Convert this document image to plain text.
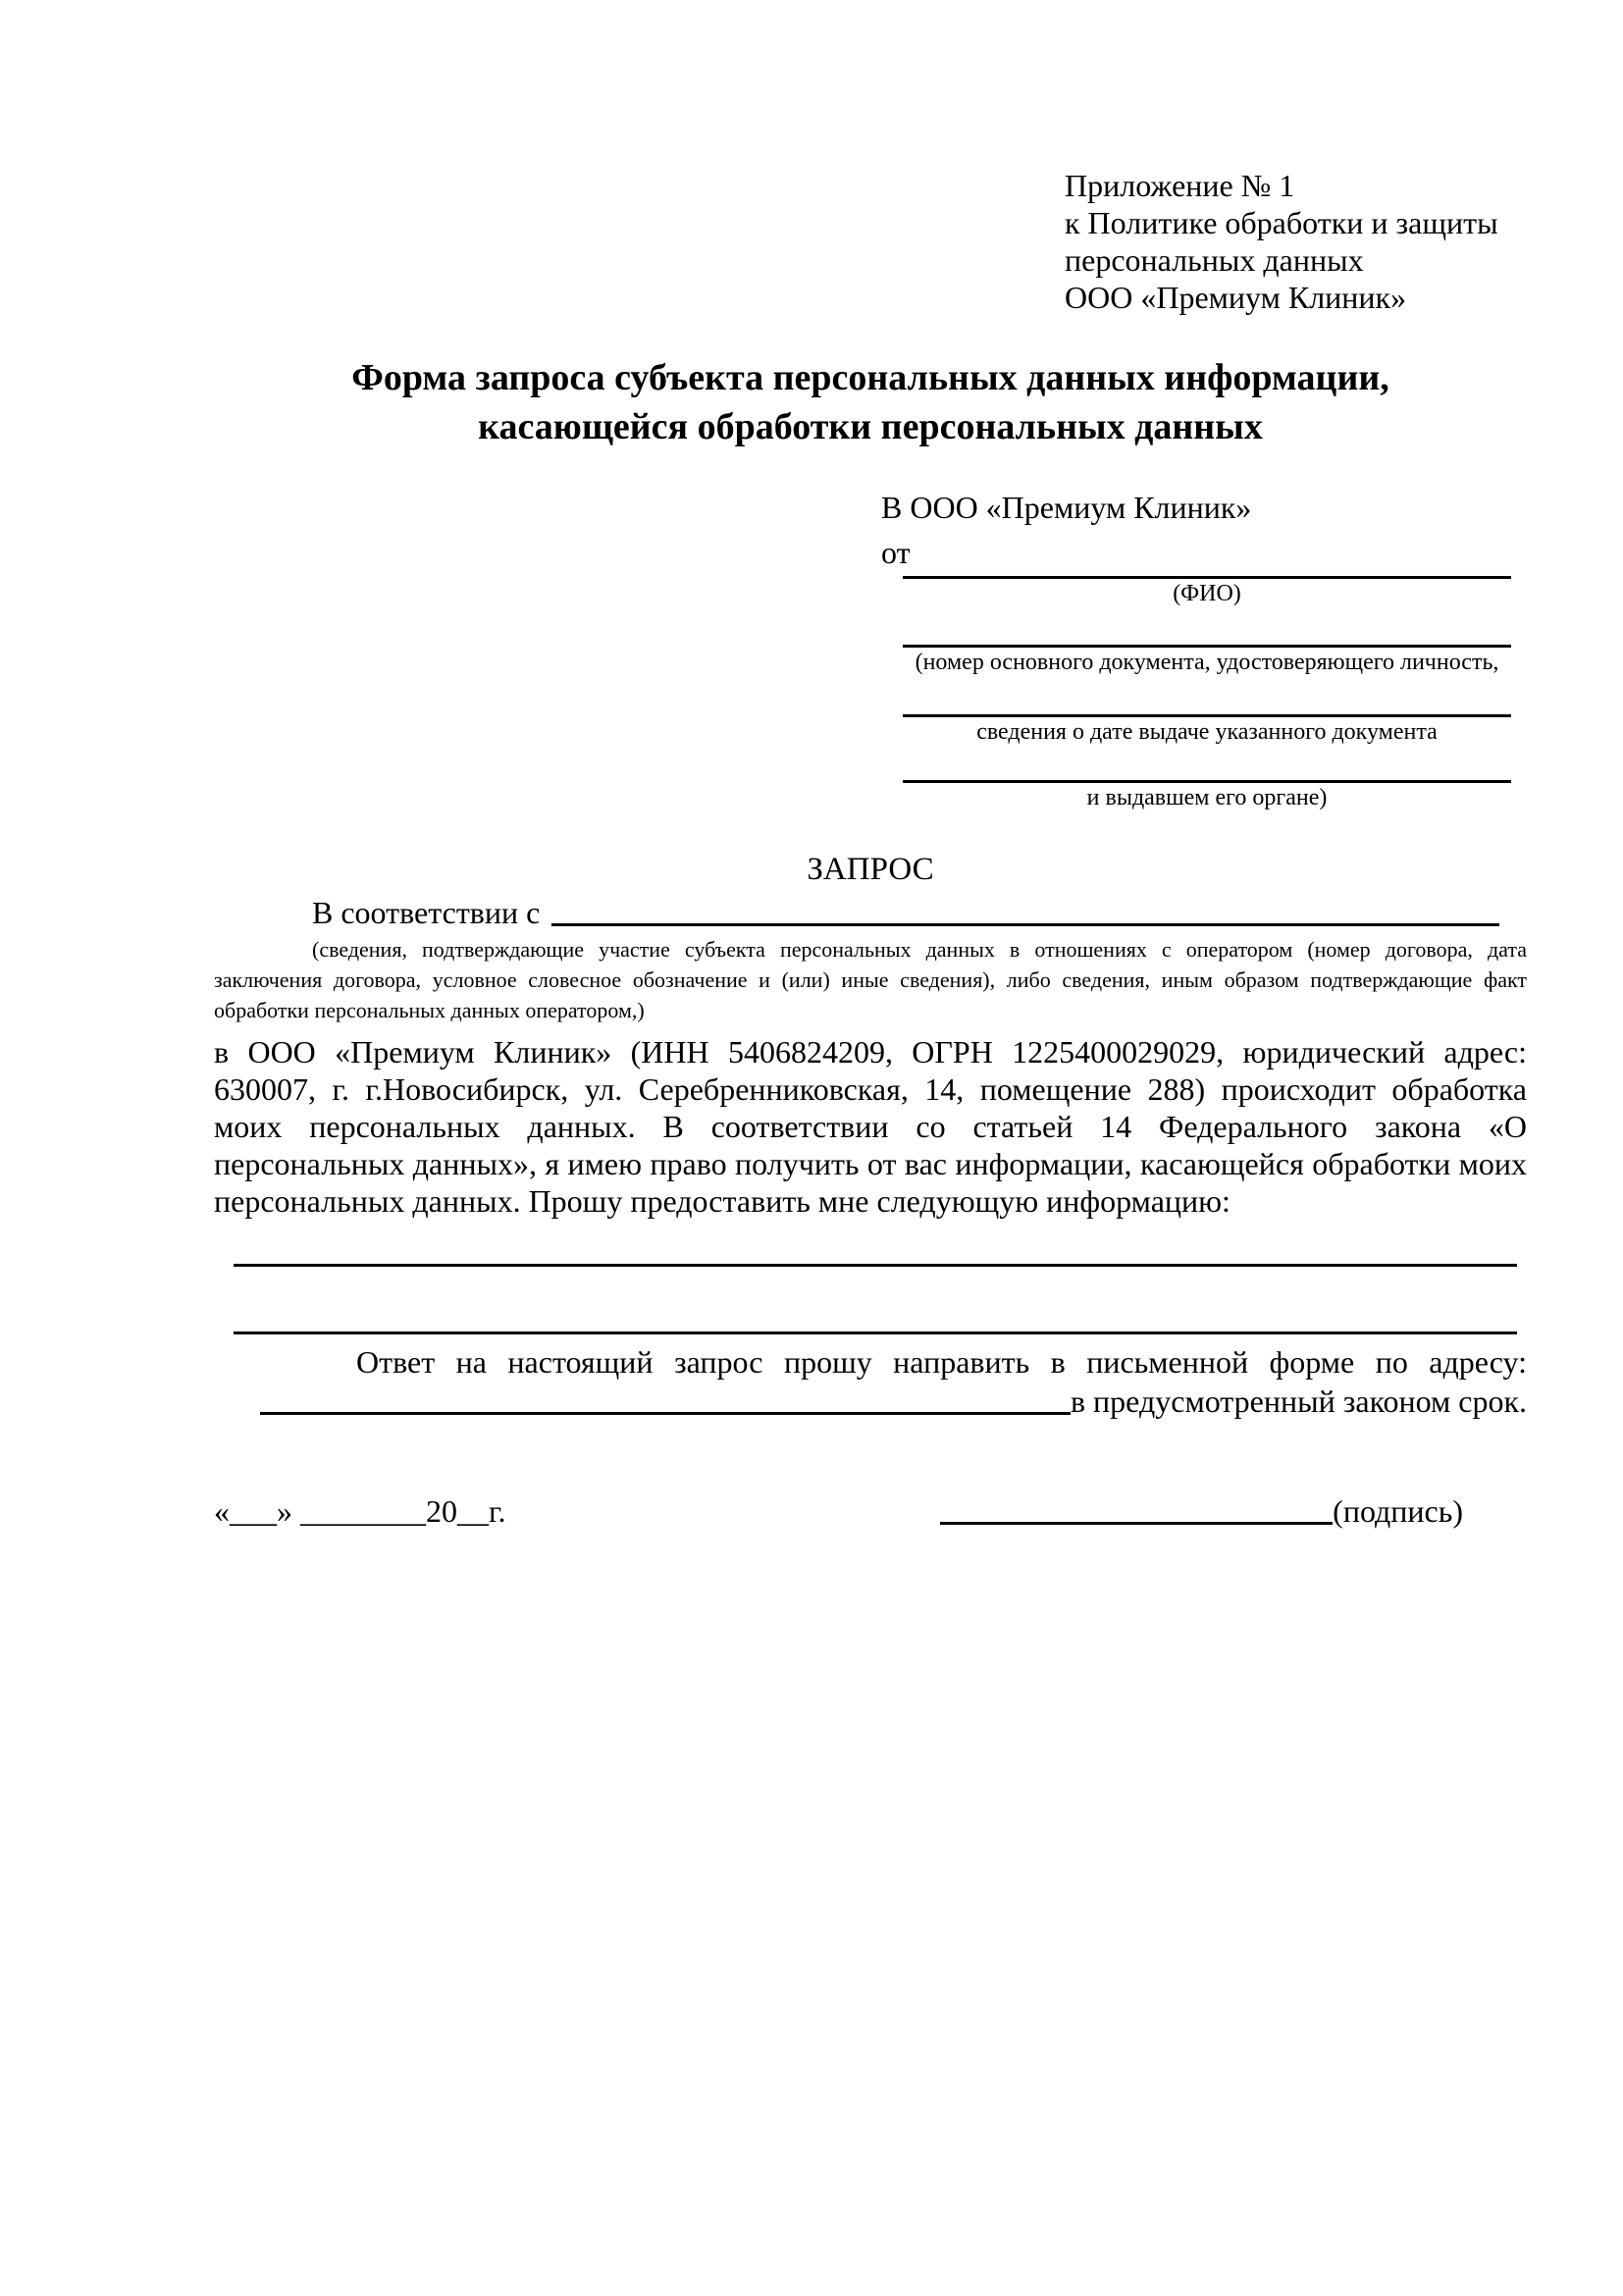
Приложение № 1
к Политике обработки и защиты
персональных данных
ООО «Премиум Клиник»
Форма запроса субъекта персональных данных информации, касающейся обработки персональных данных
В ООО «Премиум Клиник»
от
(ФИО)
(номер основного документа, удостоверяющего личность,
сведения о дате выдаче указанного документа
и выдавшем его органе)
ЗАПРОС
В соответствии с
(сведения, подтверждающие участие субъекта персональных данных в отношениях с оператором (номер договора, дата заключения договора, условное словесное обозначение и (или) иные сведения), либо сведения, иным образом подтверждающие факт обработки персональных данных оператором,)
в ООО «Премиум Клиник» (ИНН 5406824209, ОГРН 1225400029029, юридический адрес: 630007, г. г.Новосибирск, ул. Серебренниковская, 14, помещение 288) происходит обработка моих персональных данных. В соответствии со статьей 14 Федерального закона «О персональных данных», я имею право получить от вас информации, касающейся обработки моих персональных данных. Прошу предоставить мне следующую информацию:
Ответ на настоящий запрос прошу направить в письменной форме по адресу:
в предусмотренный законом срок.
«___» ________20__г.	(подпись)
